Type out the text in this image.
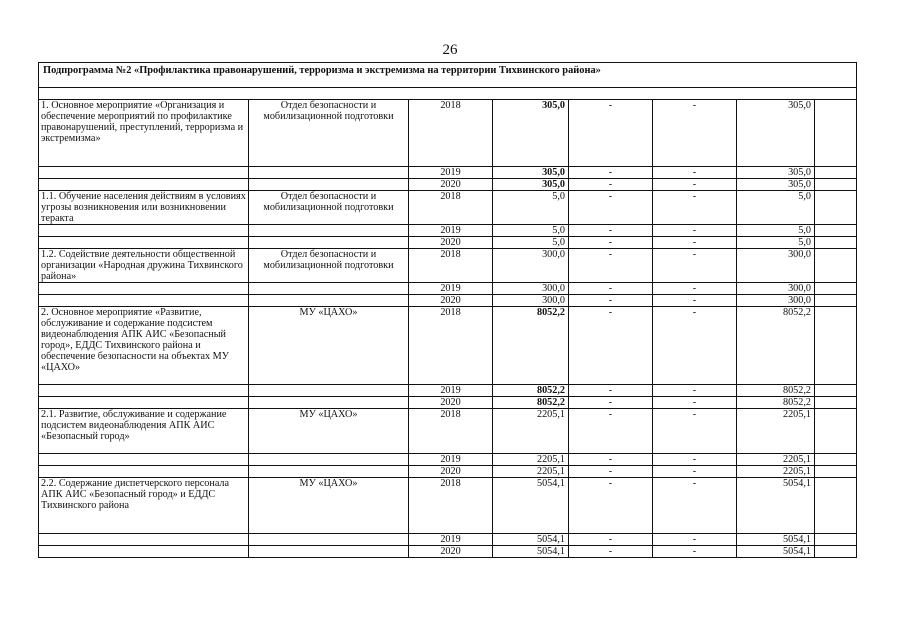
26
Подпрограмма №2 «Профилактика правонарушений, терроризма и экстремизма на территории Тихвинского района»							

1. Основное мероприятие «Организация и обеспечение мероприятий по профилактике правонарушений, преступлений, терроризма и экстремизма»	Отдел безопасности и мобилизационной подготовки	2018	305,0	-	-	305,0	
		2019	305,0	-	-	305,0	
		2020	305,0	-	-	305,0	
1.1. Обучение населения действиям в условиях угрозы возникновения или возникновении теракта	Отдел безопасности и мобилизационной подготовки	2018	5,0	-	-	5,0	
		2019	5,0	-	-	5,0	
		2020	5,0	-	-	5,0	
1.2. Содействие деятельности общественной организации «Народная дружина Тихвинского района»	Отдел безопасности и мобилизационной подготовки	2018	300,0	-	-	300,0	
		2019	300,0	-	-	300,0	
		2020	300,0	-	-	300,0	
2. Основное мероприятие «Развитие, обслуживание и содержание подсистем видеонаблюдения АПК АИС «Безопасный город», ЕДДС Тихвинского района и обеспечение безопасности на объектах МУ «ЦАХО»	МУ «ЦАХО»	2018	8052,2	-	-	8052,2	
		2019	8052,2	-	-	8052,2	
		2020	8052,2	-	-	8052,2	
2.1. Развитие, обслуживание и содержание подсистем видеонаблюдения АПК АИС «Безопасный город»	МУ «ЦАХО»	2018	2205,1	-	-	2205,1	
		2019	2205,1	-	-	2205,1	
		2020	2205,1	-	-	2205,1	
2.2. Содержание диспетчерского персонала АПК АИС «Безопасный город» и ЕДДС Тихвинского района	МУ «ЦАХО»	2018	5054,1	-	-	5054,1	
		2019	5054,1	-	-	5054,1	
		2020	5054,1	-	-	5054,1	
